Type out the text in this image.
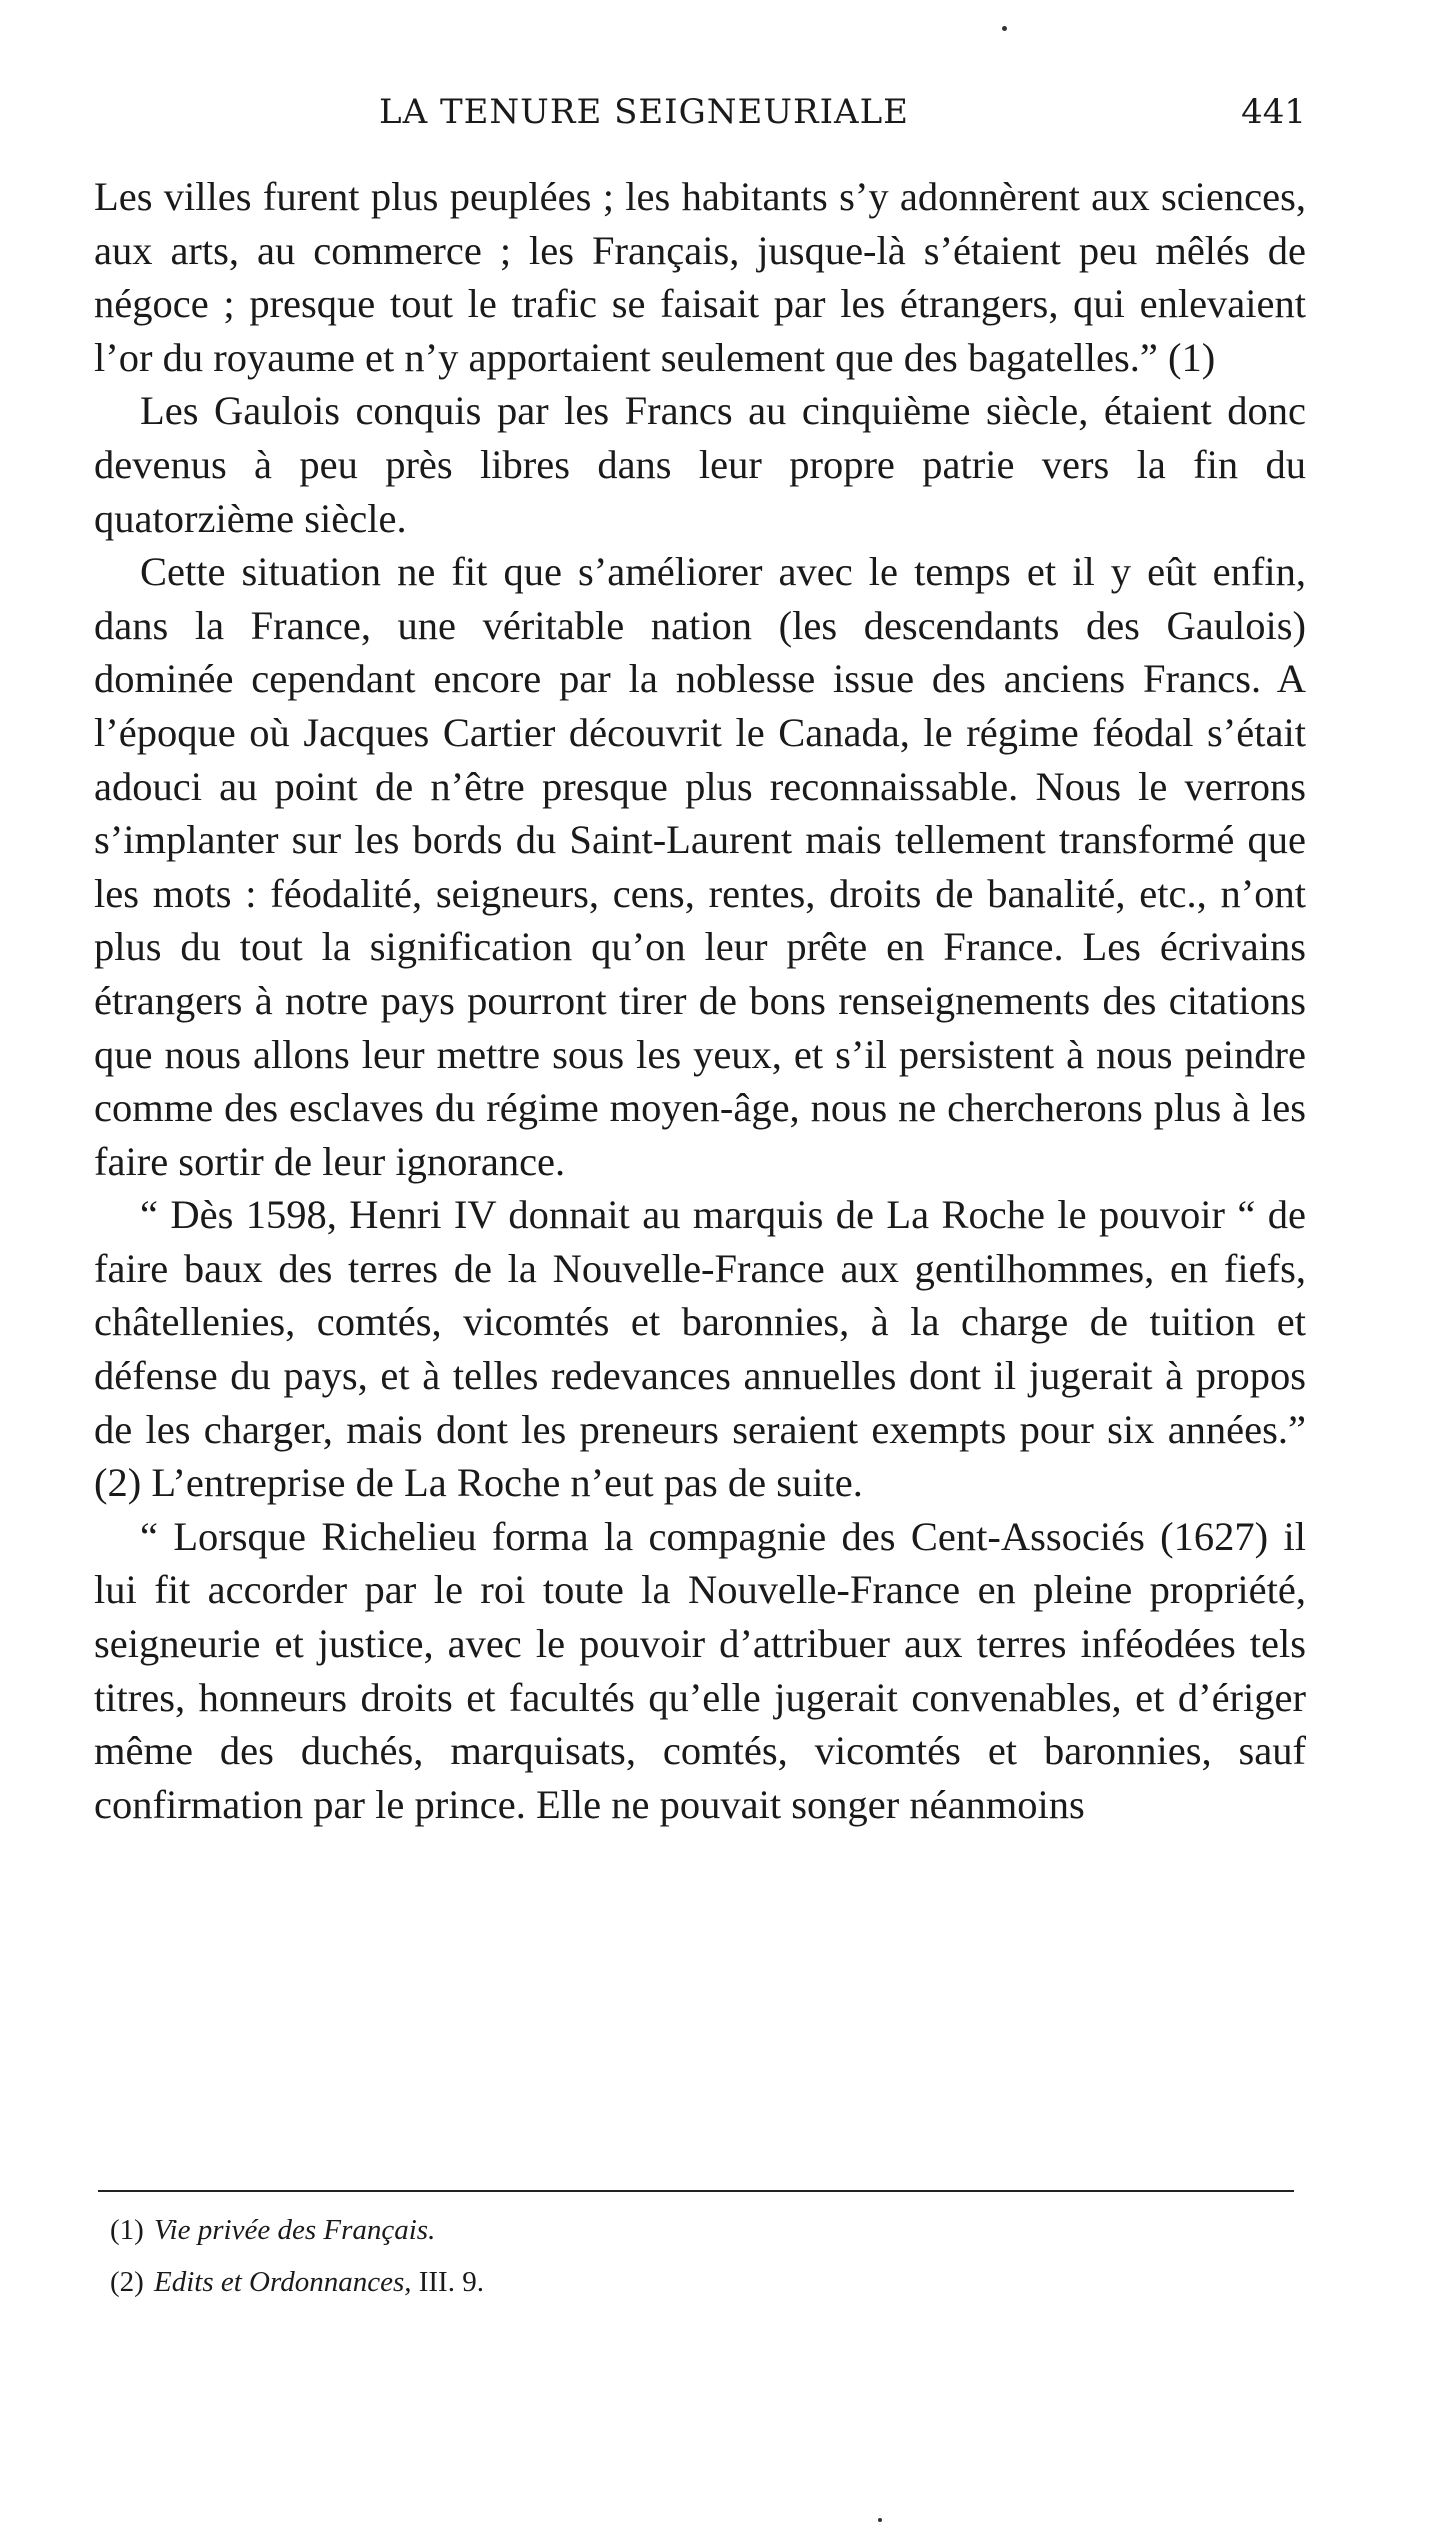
LA TENURE SEIGNEURIALE	441

Les villes furent plus peuplées ; les habitants s’y adonnèrent aux sciences, aux arts, au commerce ; les Français, jusque-là s’étaient peu mêlés de négoce ; presque tout le trafic se faisait par les étrangers, qui enlevaient l’or du royaume et n’y apportaient seulement que des bagatelles.” (1)

Les Gaulois conquis par les Francs au cinquième siècle, étaient donc devenus à peu près libres dans leur propre patrie vers la fin du quatorzième siècle.

Cette situation ne fit que s’améliorer avec le temps et il y eût enfin, dans la France, une véritable nation (les descendants des Gaulois) dominée cependant encore par la noblesse issue des anciens Francs. A l’époque où Jacques Cartier découvrit le Canada, le régime féodal s’était adouci au point de n’être presque plus reconnaissable. Nous le verrons s’implanter sur les bords du Saint-Laurent mais tellement transformé que les mots : féodalité, seigneurs, cens, rentes, droits de banalité, etc., n’ont plus du tout la signification qu’on leur prête en France. Les écrivains étrangers à notre pays pourront tirer de bons renseignements des citations que nous allons leur mettre sous les yeux, et s’il persistent à nous peindre comme des esclaves du régime moyen-âge, nous ne chercherons plus à les faire sortir de leur ignorance.

“ Dès 1598, Henri IV donnait au marquis de La Roche le pouvoir “ de faire baux des terres de la Nouvelle-France aux gentilhommes, en fiefs, châtellenies, comtés, vicomtés et baronnies, à la charge de tuition et défense du pays, et à telles redevances annuelles dont il jugerait à propos de les charger, mais dont les preneurs seraient exempts pour six années.” (2) L’entreprise de La Roche n’eut pas de suite.

“ Lorsque Richelieu forma la compagnie des Cent-Associés (1627) il lui fit accorder par le roi toute la Nouvelle-France en pleine propriété, seigneurie et justice, avec le pouvoir d’attribuer aux terres inféodées tels titres, honneurs droits et facultés qu’elle jugerait convenables, et d’ériger même des duchés, marquisats, comtés, vicomtés et baronnies, sauf confirmation par le prince. Elle ne pouvait songer néanmoins

(1) Vie privée des Français.
(2) Edits et Ordonnances, III. 9.
